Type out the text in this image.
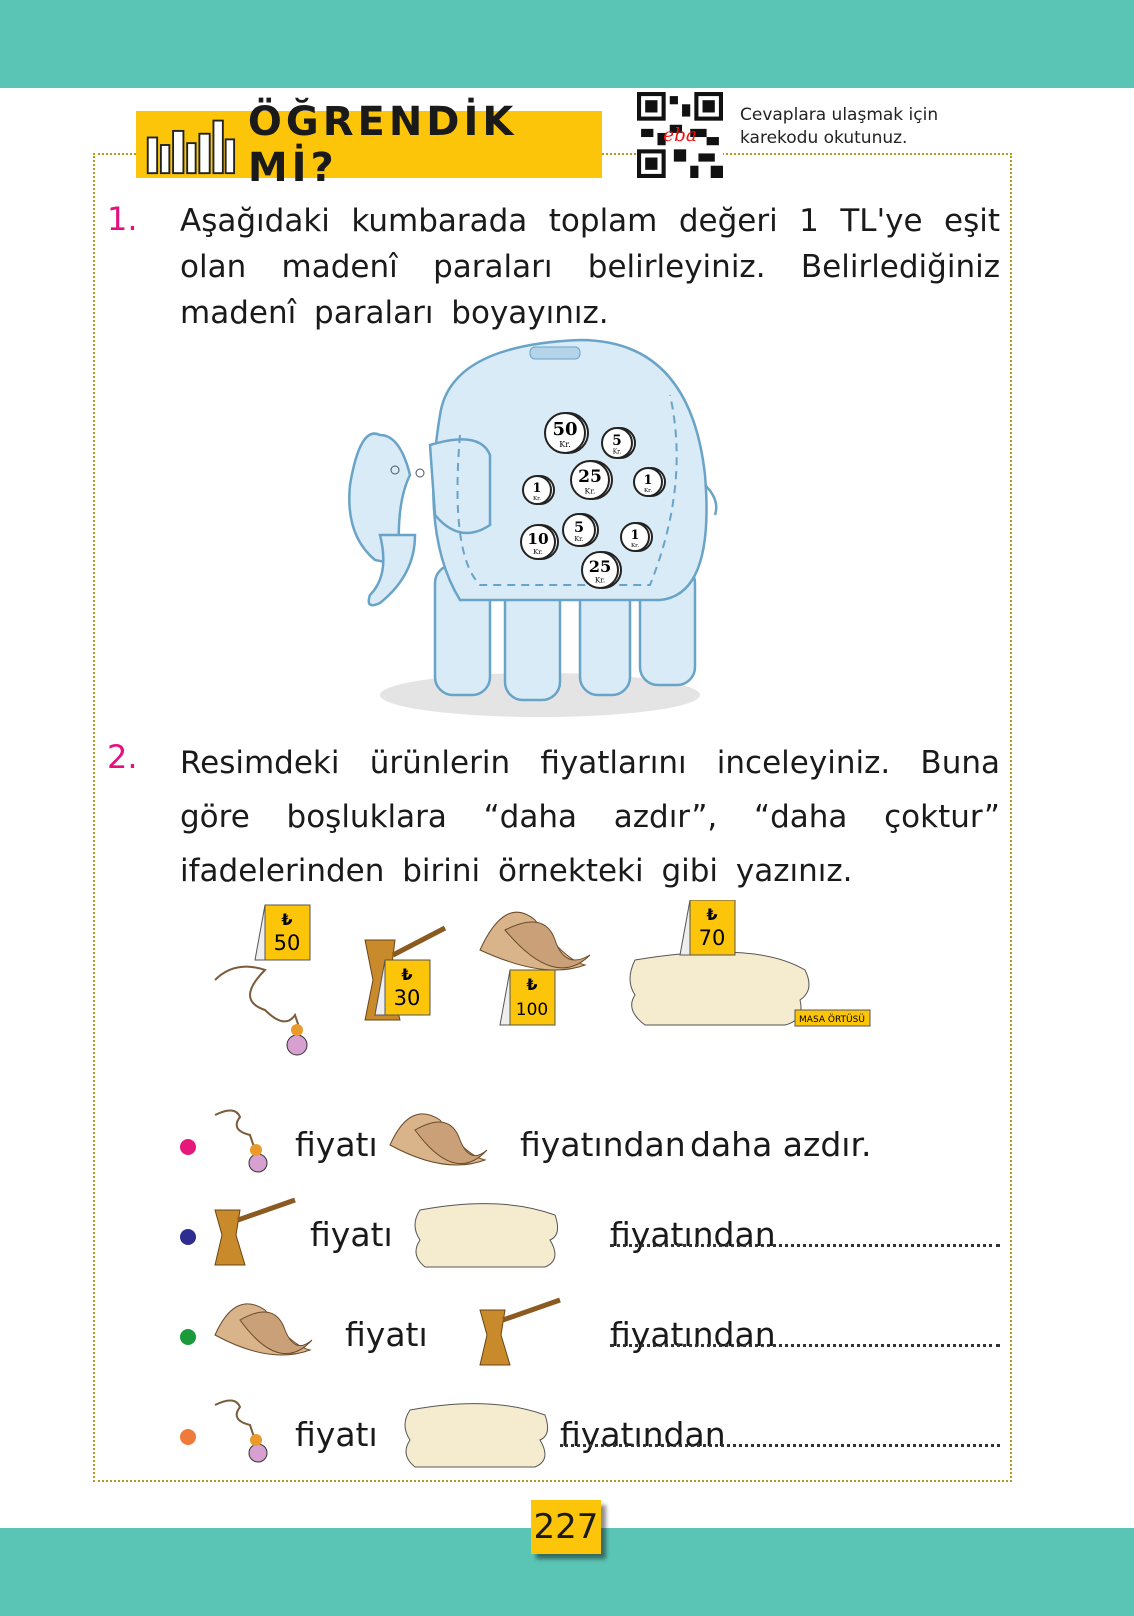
ÖĞRENDİK Mİ?
eba
Cevaplara ulaşmak için
karekodu okutunuz.
1. Aşağıdaki kumbarada toplam değeri 1 TL'ye eşit olan madenî paraları belirleyiniz. Belirlediğiniz madenî paraları boyayınız.
50
Kr.	5
Kr.
25
Kr.
1
Kr.
1
Kr.
5
Kr.
10
Kr.
1
Kr.
25
Kr.
2. Resimdeki ürünlerin fiyatlarını inceleyiniz. Buna göre boşluklara “daha azdır”, “daha çoktur” ifadelerinden birini örnekteki gibi yazınız.
MASA ÖRTÜSÜ
₺
50
₺
30
₺
100
₺
70
fiyatı	fiyatından daha azdır.
fiyatı	fiyatından
fiyatı	fiyatından
fiyatı	fiyatından
227
